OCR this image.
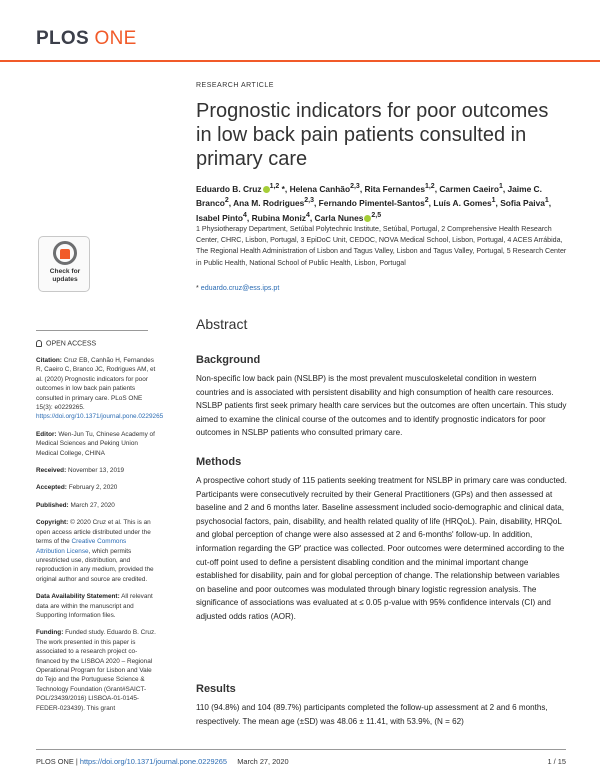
PLOS ONE
RESEARCH ARTICLE
Prognostic indicators for poor outcomes in low back pain patients consulted in primary care
Eduardo B. Cruz $^{1,2}$ *, Helena Canhão$^{2,3}$, Rita Fernandes$^{1,2}$, Carmen Caeiro$^1$, Jaime C. Branco$^2$, Ana M. Rodrigues$^{2,3}$, Fernando Pimentel-Santos$^2$, Luís A. Gomes$^1$, Sofia Paiva$^1$, Isabel Pinto$^4$, Rubina Moniz$^4$, Carla Nunes $^{2,5}$
1 Physiotherapy Department, Setúbal Polytechnic Institute, Setúbal, Portugal, 2 Comprehensive Health Research Center, CHRC, Lisbon, Portugal, 3 EpiDoC Unit, CEDOC, NOVA Medical School, Lisbon, Portugal, 4 ACES Arrábida, The Regional Health Administration of Lisbon and Tagus Valley, Lisbon and Tagus Valley, Portugal, 5 Research Center in Public Health, National School of Public Health, Lisbon, Portugal
* eduardo.cruz@ess.ips.pt
Check for
updates
OPEN ACCESS

Citation: Cruz EB, Canhão H, Fernandes R, Caeiro C, Branco JC, Rodrigues AM, et al. (2020) Prognostic indicators for poor outcomes in low back pain patients consulted in primary care. PLoS ONE 15(3): e0229265. https://doi.org/10.1371/journal.pone.0229265

Editor: Wen-Jun Tu, Chinese Academy of Medical Sciences and Peking Union Medical College, CHINA

Received: November 13, 2019

Accepted: February 2, 2020

Published: March 27, 2020

Copyright: © 2020 Cruz et al. This is an open access article distributed under the terms of the Creative Commons Attribution License, which permits unrestricted use, distribution, and reproduction in any medium, provided the original author and source are credited.

Data Availability Statement: All relevant data are within the manuscript and Supporting Information files.

Funding: Funded study. Eduardo B. Cruz. The work presented in this paper is associated to a research project co-financed by the LISBOA 2020 – Regional Operational Program for Lisbon and Vale do Tejo and the Portuguese Science & Technology Foundation (Grant#SAICT-POL/23439/2016) LISBOA-01-0145-FEDER-023439). This grant

Abstract
Background
Non-specific low back pain (NSLBP) is the most prevalent musculoskeletal condition in western countries and is associated with persistent disability and high consumption of health care resources. NSLBP patients first seek primary health care services but the outcomes are often uncertain. This study aimed to examine the clinical course of the outcomes and to identify prognostic indicators for poor outcomes in NSLBP patients who consulted primary care.
Methods
A prospective cohort study of 115 patients seeking treatment for NSLBP in primary care was conducted. Participants were consecutively recruited by their General Practitioners (GPs) and then assessed at baseline and 2 and 6 months later. Baseline assessment included socio-demographic and clinical data, psychosocial factors, pain, disability, and health related quality of life (HRQoL). Pain, disability, HRQoL and global perception of change were also assessed at 2 and 6-months' follow-up. In addition, information regarding the GP' practice was collected. Poor outcomes were determined according to the cut-off point used to define a persistent disabling condition and the minimal important change established for disability, pain and for global perception of change. The relationship between variables on baseline and poor outcomes was modulated through binary logistic regression analysis. The significance of associations was evaluated at ≤ 0.05 p-value with 95% confidence intervals (CI) and adjusted odds ratios (AOR).
Results
110 (94.8%) and 104 (89.7%) participants completed the follow-up assessment at 2 and 6 months, respectively. The mean age (±SD) was 48.06 ± 11.41, with 53.9%, (N = 62)
PLOS ONE | https://doi.org/10.1371/journal.pone.0229265 March 27, 2020	1 / 15
